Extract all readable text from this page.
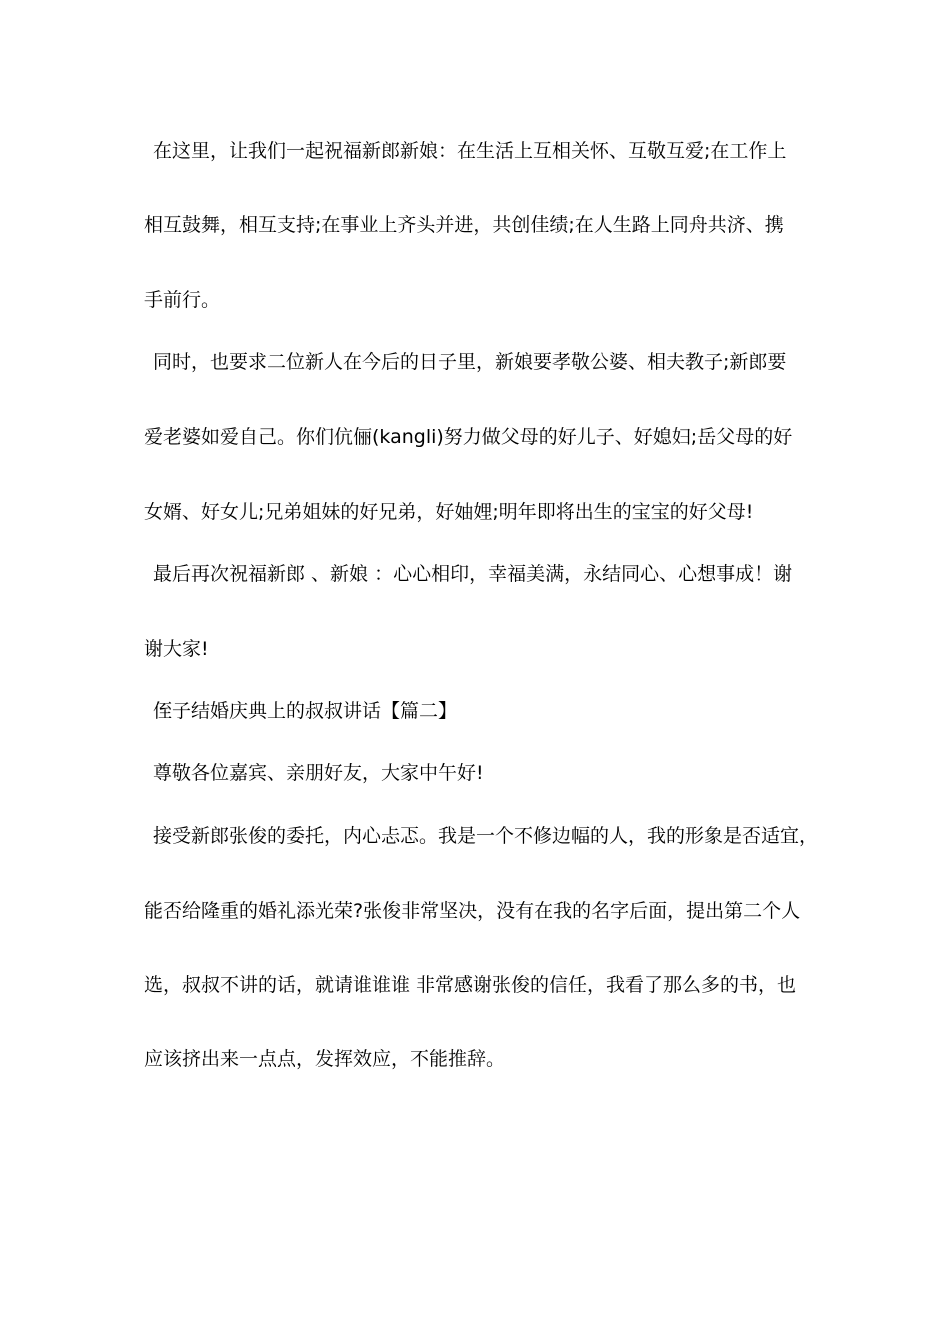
在这里，让我们一起祝福新郎新娘：在生活上互相关怀、互敬互爱;在工作上
相互鼓舞，相互支持;在事业上齐头并进，共创佳绩;在人生路上同舟共济、携
手前行。
同时，也要求二位新人在今后的日子里，新娘要孝敬公婆、相夫教子;新郎要
爱老婆如爱自己。你们伉俪(kangli)努力做父母的好儿子、好媳妇;岳父母的好
女婿、好女儿;兄弟姐妹的好兄弟，好妯娌;明年即将出生的宝宝的好父母!
最后再次祝福新郎 、新娘 ：心心相印，幸福美满，永结同心、心想事成！谢
谢大家!
侄子结婚庆典上的叔叔讲话【篇二】
尊敬各位嘉宾、亲朋好友，大家中午好!
接受新郎张俊的委托，内心忐忑。我是一个不修边幅的人，我的形象是否适宜，
能否给隆重的婚礼添光荣?张俊非常坚决，没有在我的名字后面，提出第二个人
选，叔叔不讲的话，就请谁谁谁 非常感谢张俊的信任，我看了那么多的书，也
应该挤出来一点点，发挥效应，不能推辞。
